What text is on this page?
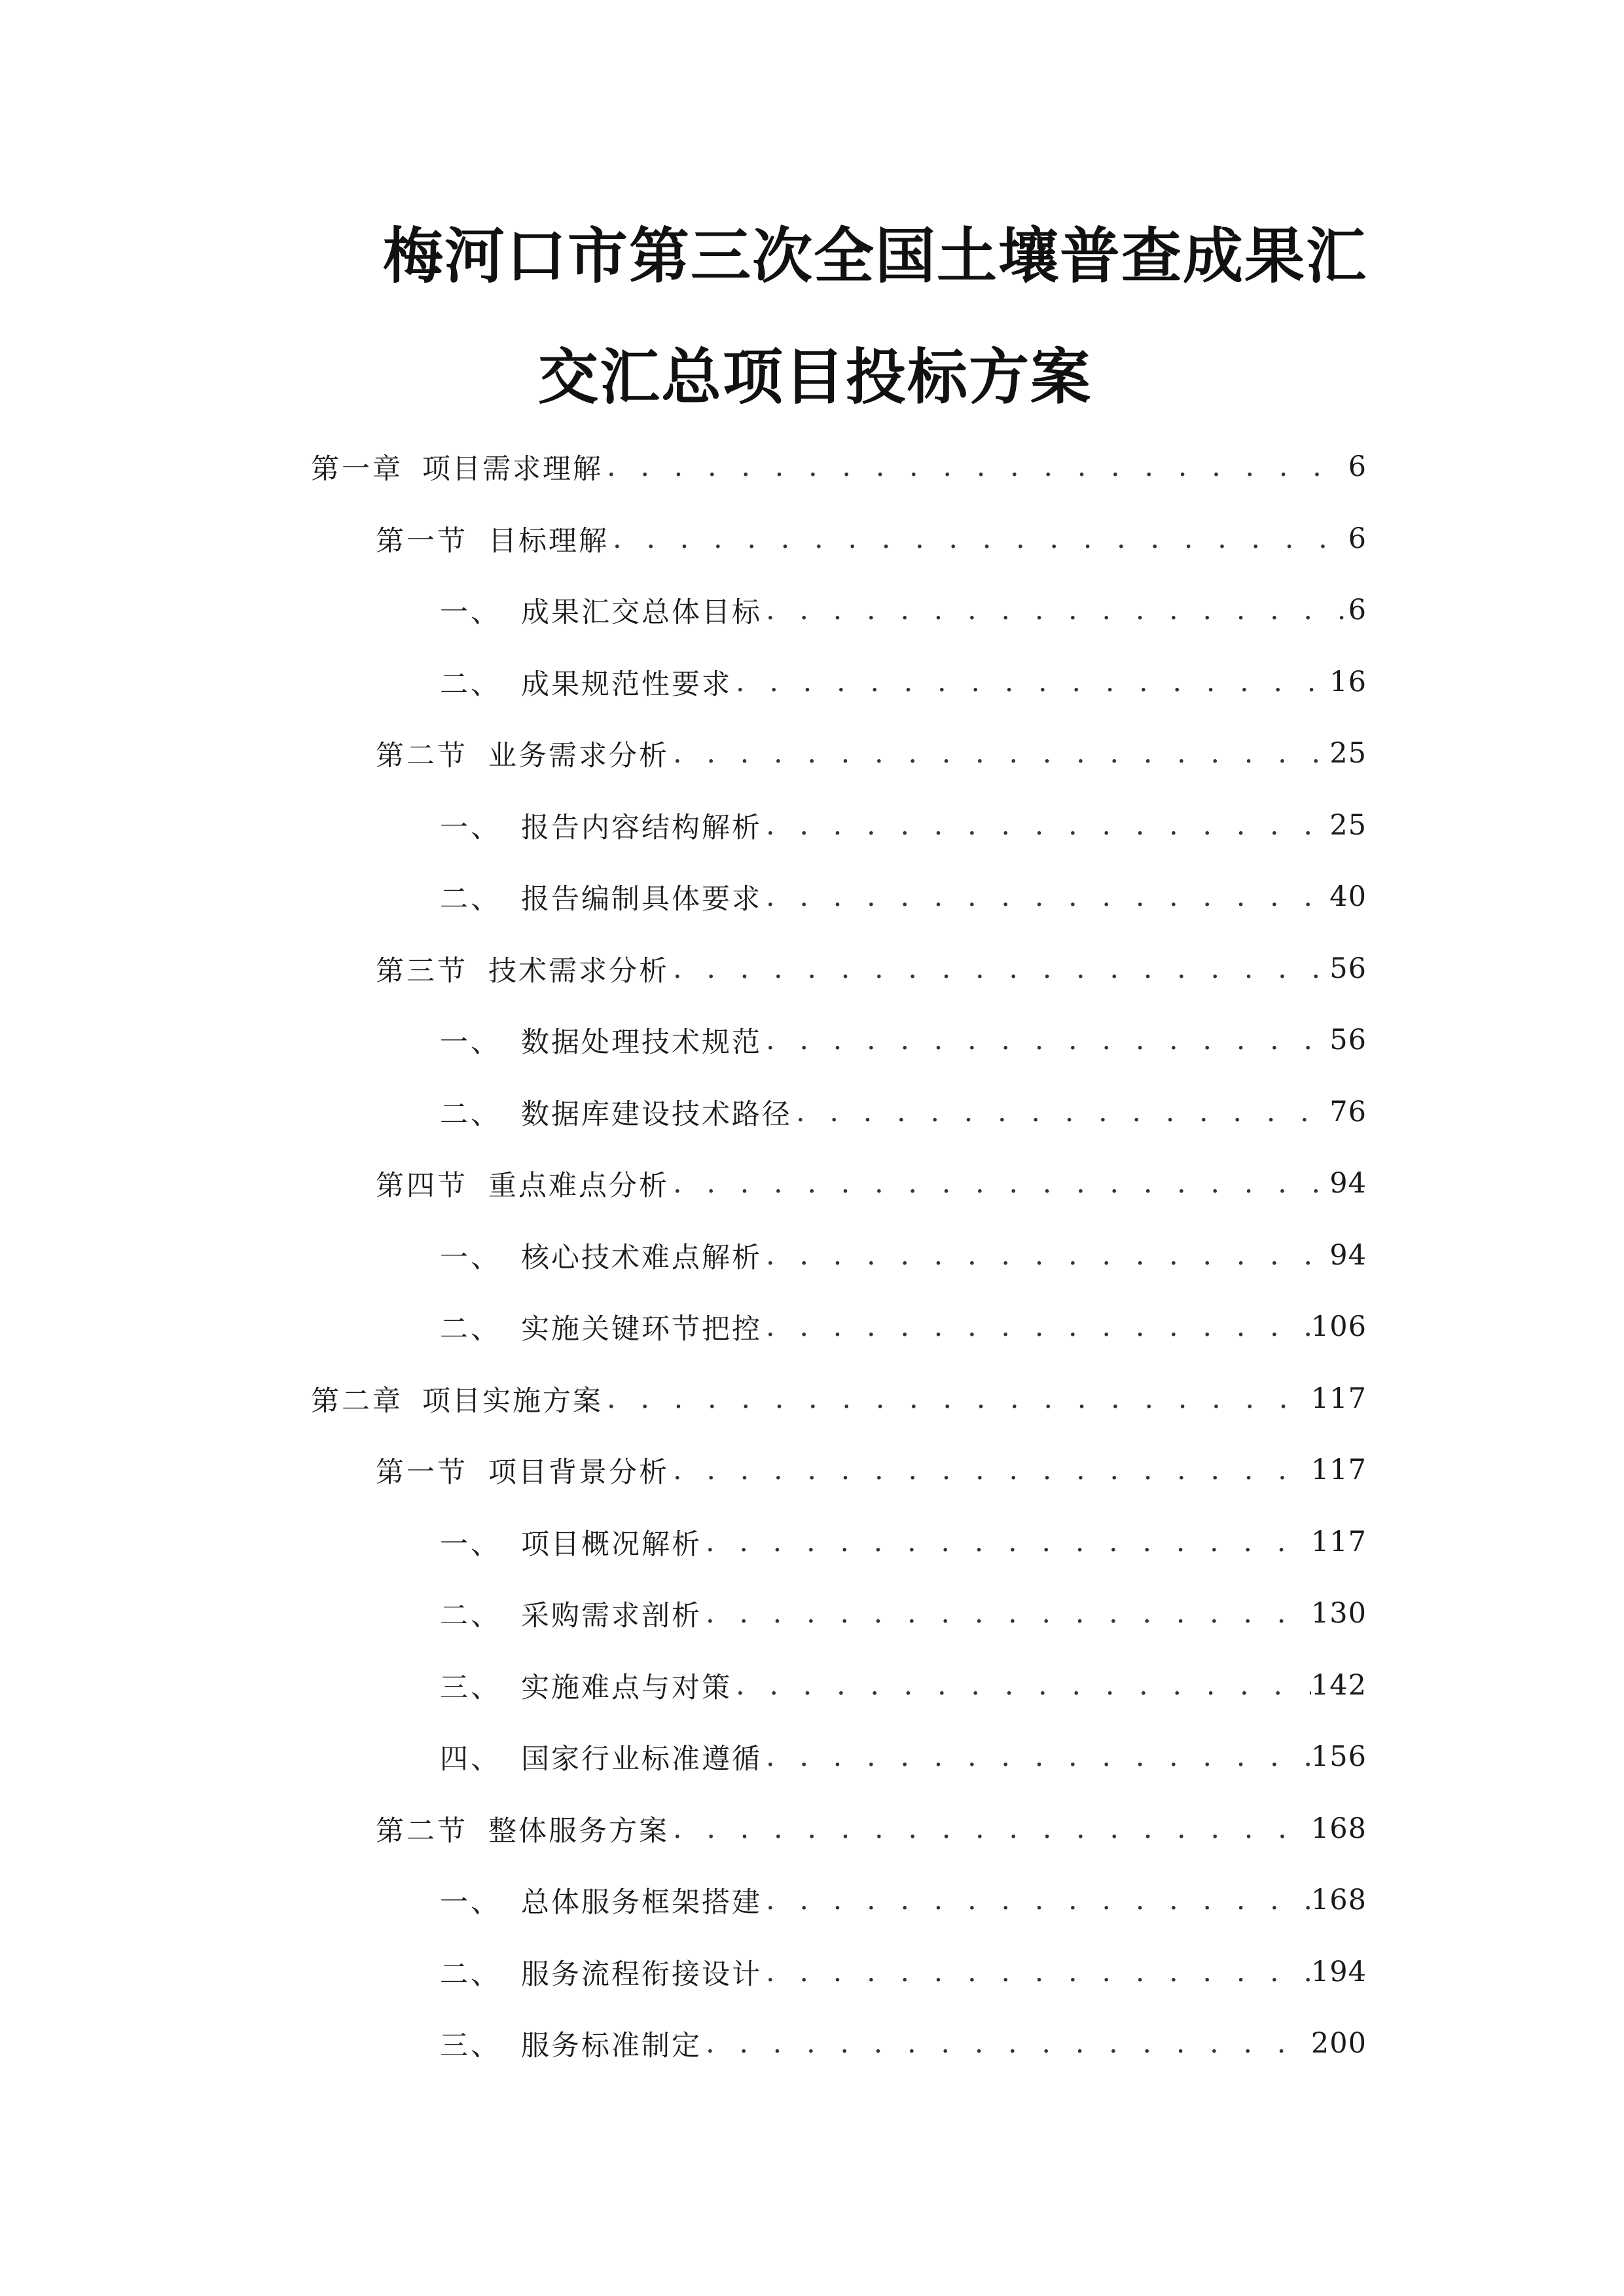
梅河口市第三次全国土壤普查成果汇
交汇总项目投标方案
第一章 项目需求理解 . . .	6
第一节 目标理解 . . .	6
一、 成果汇交总体目标 . . .	6
二、 成果规范性要求 . . .	16
第二节 业务需求分析 . . .	25
一、 报告内容结构解析 . . .	25
二、 报告编制具体要求 . . .	40
第三节 技术需求分析 . . .	56
一、 数据处理技术规范 . . .	56
二、 数据库建设技术路径 . . .	76
第四节 重点难点分析 . . .	94
一、 核心技术难点解析 . . .	94
二、 实施关键环节把控 . . .	106
第二章 项目实施方案 . . .	117
第一节 项目背景分析 . . .	117
一、 项目概况解析 . . .	117
二、 采购需求剖析 . . .	130
三、 实施难点与对策 . . .	142
四、 国家行业标准遵循 . . .	156
第二节 整体服务方案 . . .	168
一、 总体服务框架搭建 . . .	168
二、 服务流程衔接设计 . . .	194
三、 服务标准制定 . . .	200
